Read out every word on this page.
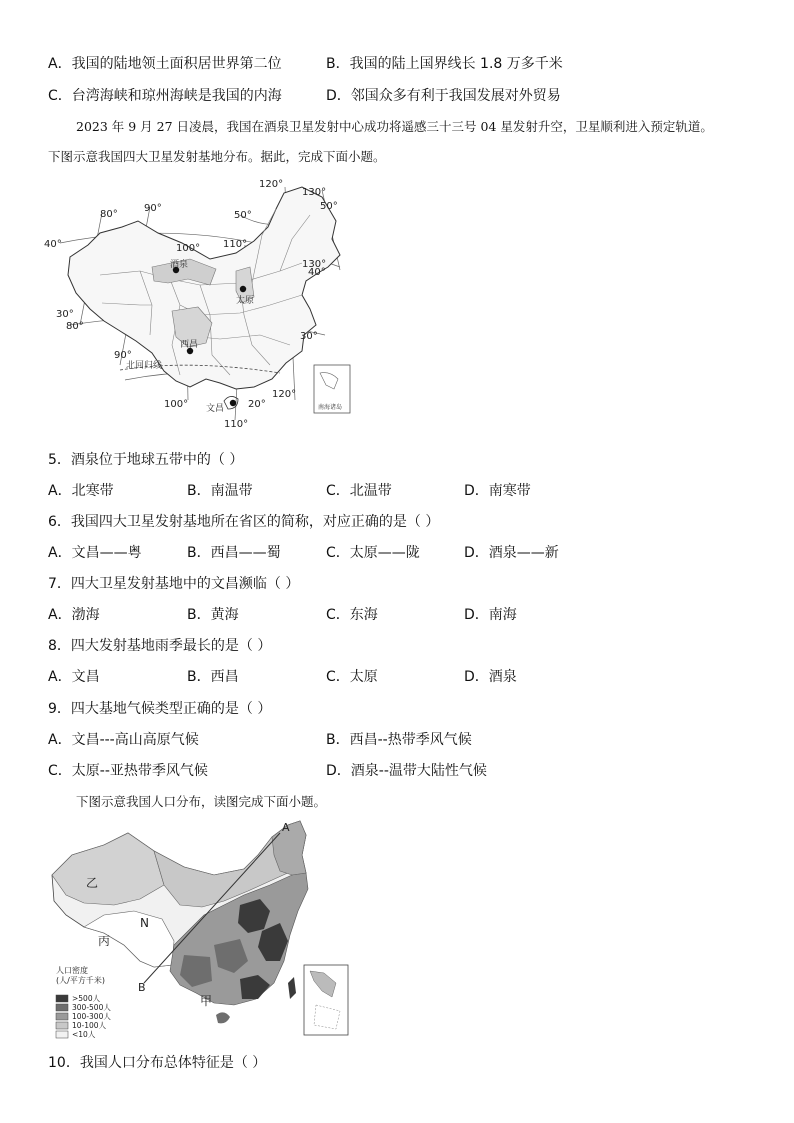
A．我国的陆地领土面积居世界第二位	B．我国的陆上国界线长 1.8 万多千米
C．台湾海峡和琼州海峡是我国的内海	D．邻国众多有利于我国发展对外贸易
2023 年 9 月 27 日凌晨，我国在酒泉卫星发射中心成功将遥感三十三号 04 星发射升空，卫星顺利进入预定轨道。
下图示意我国四大卫星发射基地分布。据此，完成下面小题。
北回归线
酒泉
太原
西昌
文昌
80°
90°
100° 110°
120°
130°
90°
80°
100°
110°
120°
130°
40°
30°
50°
50°
40°
30°
20°	南海诸岛
5．酒泉位于地球五带中的（ ）
A．北寒带	B．南温带	C．北温带	D．南寒带
6．我国四大卫星发射基地所在省区的简称，对应正确的是（ ）
A．文昌——粤	B．西昌——蜀	C．太原——陇	D．酒泉——新
7．四大卫星发射基地中的文昌濒临（ ）
A．渤海	B．黄海	C．东海	D．南海
8．四大发射基地雨季最长的是（ ）
A．文昌	B．西昌	C．太原	D．酒泉
9．四大基地气候类型正确的是（ ）
A．文昌---高山高原气候	B．西昌--热带季风气候
C．太原--亚热带季风气候	D．酒泉--温带大陆性气候
下图示意我国人口分布，读图完成下面小题。
A
B
乙
丙
N
甲
人口密度
(人/平方千米)
>500人
300-500人
100-300人
10-100人
<10人
10．我国人口分布总体特征是（ ）
